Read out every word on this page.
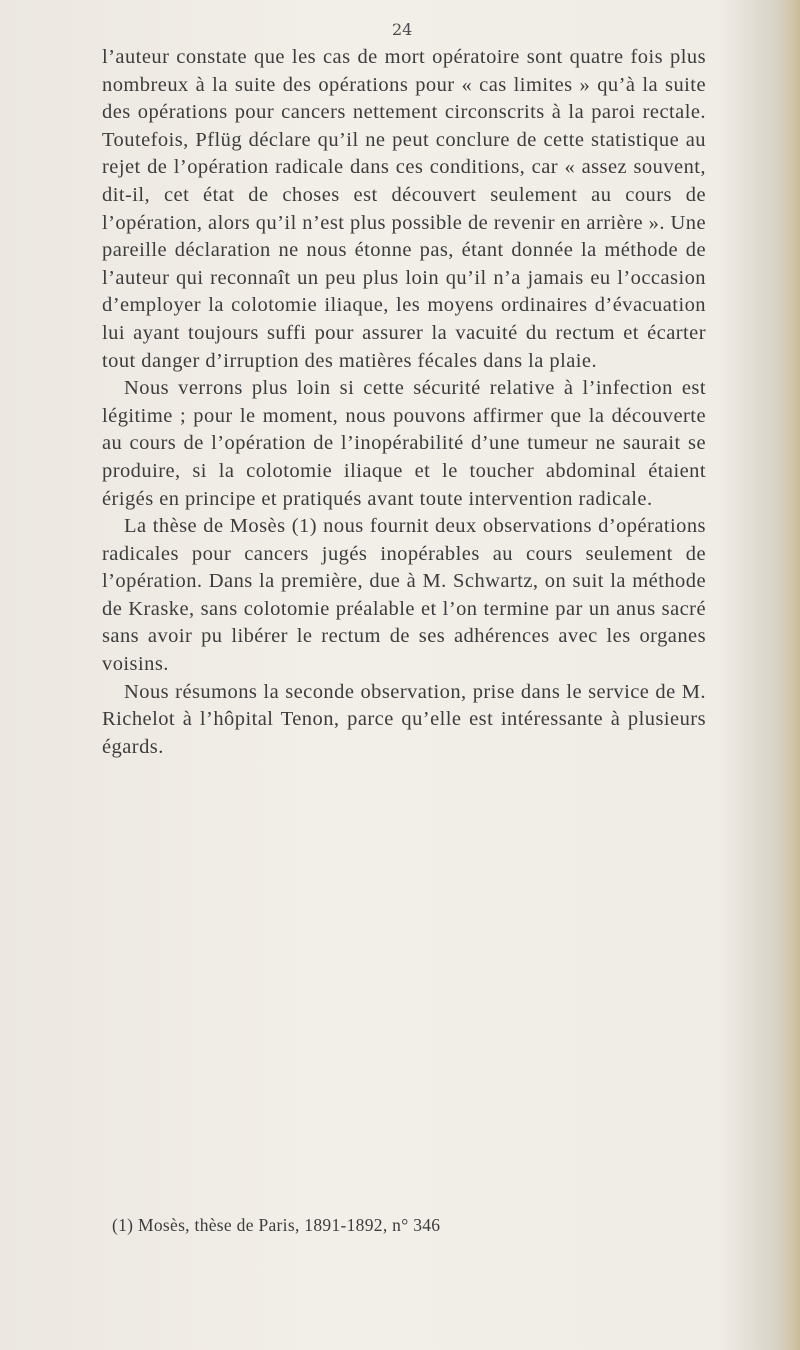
24

l’auteur constate que les cas de mort opératoire sont quatre fois plus nombreux à la suite des opérations pour « cas limites » qu’à la suite des opérations pour cancers nettement circonscrits à la paroi rectale. Toutefois, Pflüg déclare qu’il ne peut conclure de cette statistique au rejet de l’opération radicale dans ces conditions, car « assez souvent, dit-il, cet état de choses est découvert seulement au cours de l’opération, alors qu’il n’est plus possible de revenir en arrière ». Une pareille déclaration ne nous étonne pas, étant donnée la méthode de l’auteur qui reconnaît un peu plus loin qu’il n’a jamais eu l’occasion d’employer la colotomie iliaque, les moyens ordinaires d’évacuation lui ayant toujours suffi pour assurer la vacuité du rectum et écarter tout danger d’irruption des matières fécales dans la plaie.

Nous verrons plus loin si cette sécurité relative à l’infection est légitime ; pour le moment, nous pouvons affirmer que la découverte au cours de l’opération de l’inopérabilité d’une tumeur ne saurait se produire, si la colotomie iliaque et le toucher abdominal étaient érigés en principe et pratiqués avant toute intervention radicale.

La thèse de Mosès (1) nous fournit deux observations d’opérations radicales pour cancers jugés inopérables au cours seulement de l’opération. Dans la première, due à M. Schwartz, on suit la méthode de Kraske, sans colotomie préalable et l’on termine par un anus sacré sans avoir pu libérer le rectum de ses adhérences avec les organes voisins.

Nous résumons la seconde observation, prise dans le service de M. Richelot à l’hôpital Tenon, parce qu’elle est intéressante à plusieurs égards.

(1) Mosès, thèse de Paris, 1891-1892, n° 346
